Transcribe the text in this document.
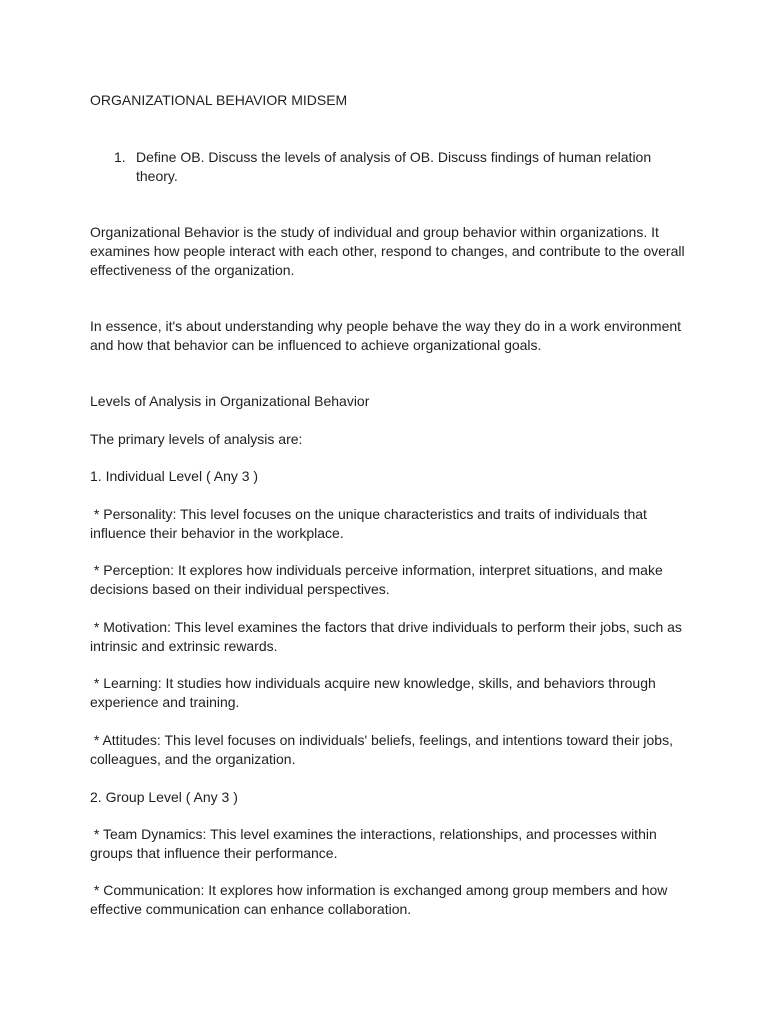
ORGANIZATIONAL BEHAVIOR MIDSEM

1. Define OB. Discuss the levels of analysis of OB. Discuss findings of human relation theory.

Organizational Behavior is the study of individual and group behavior within organizations. It examines how people interact with each other, respond to changes, and contribute to the overall effectiveness of the organization.

In essence, it's about understanding why people behave the way they do in a work environment and how that behavior can be influenced to achieve organizational goals.

Levels of Analysis in Organizational Behavior

The primary levels of analysis are:

1. Individual Level ( Any 3 )

* Personality: This level focuses on the unique characteristics and traits of individuals that influence their behavior in the workplace.

* Perception: It explores how individuals perceive information, interpret situations, and make decisions based on their individual perspectives.

* Motivation: This level examines the factors that drive individuals to perform their jobs, such as intrinsic and extrinsic rewards.

* Learning: It studies how individuals acquire new knowledge, skills, and behaviors through experience and training.

* Attitudes: This level focuses on individuals' beliefs, feelings, and intentions toward their jobs, colleagues, and the organization.

2. Group Level ( Any 3 )

* Team Dynamics: This level examines the interactions, relationships, and processes within groups that influence their performance.

* Communication: It explores how information is exchanged among group members and how effective communication can enhance collaboration.
